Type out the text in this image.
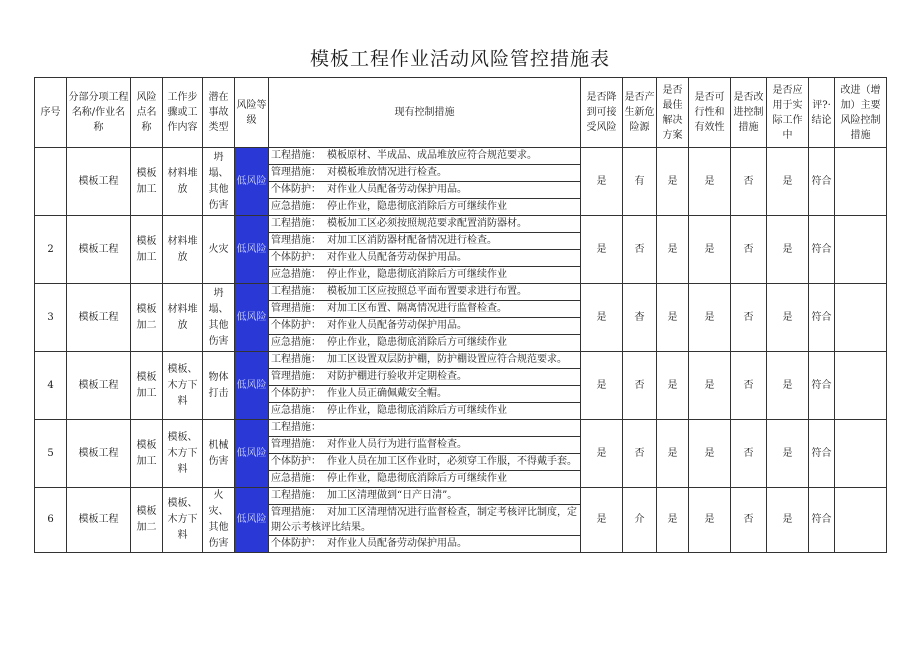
模板工程作业活动风险管控措施表
序号	分部分项工程名称/作业名称	风险点名称	工作步骤或工作内容	潜在事故类型	风险等级	现有控制措施	是否降到可接受风险	是否产生新危险源	是否最佳解决方案	是否可行性和有效性	是否改进控制措施	是否应用于实际工作中	评?·结论	改进（增加）主要风险控制措施
	模板工程	模板加工	材料堆放	坍塌、其他伤害	低风险	工程措施： 模板原材、半成品、成品堆放应符合规范要求。	是	有	是	是	否	是	符合	
						管理措施： 对模板堆放情况进行检查。								
						个体防护： 对作业人员配备劳动保护用品。								
						应急措施： 停止作业，隐患彻底消除后方可继续作业								
2	模板工程	模板加工	材料堆放	火灾	低风险	工程措施： 模板加工区必须按照规范要求配置消防器材。	是	否	是	是	否	是	符合	
						管理措施： 对加工区消防器材配备情况进行检查。								
						个体防护： 对作业人员配备劳动保护用品。								
						应急措施： 停止作业，隐患彻底消除后方可继续作业								
3	模板工程	模板加二	材料堆放	坍塌、其他伤害	低风险	工程措施： 模板加工区应按照总平面布置要求进行布置。	是	杳	是	是	否	是	符合	
						管理措施： 对加工区布置、隔离情况进行监督检查。								
						个体防护： 对作业人员配备劳动保护用品。								
						应急措施： 停止作业，隐患彻底消除后方可继续作业								
4	模板工程	模板加工	模板、木方下料	物体打击	低风险	工程措施： 加工区设置双层防护棚，防护棚设置应符合规范要求。	是	否	是	是	否	是	符合	
						管理措施： 对防护棚进行验收并定期检查。								
						个体防护： 作业人员正确佩戴安全帽。								
						应急措施： 停止作业，隐患彻底消除后方可继续作业								
5	模板工程	模板加工	模板、木方下料	机械伤害	低风险	工程措施：	是	否	是	是	否	是	符合	
						管理措施： 对作业人员行为进行监督检查。								
						个体防护： 作业人员在加工区作业时，必须穿工作服，不得戴手套。								
						应急措施： 停止作业，隐患彻底消除后方可继续作业								
6	模板工程	模板加二	模板、木方下料	火灾、其他伤害	低风险	工程措施： 加工区清理做到“日产日清”。	是	介	是	是	否	是	符合	
						管理措施： 对加工区清理情况进行监督检查，制定考核评比制度，定期公示考核评比结果。								
						个体防护： 对作业人员配备劳动保护用品。								
